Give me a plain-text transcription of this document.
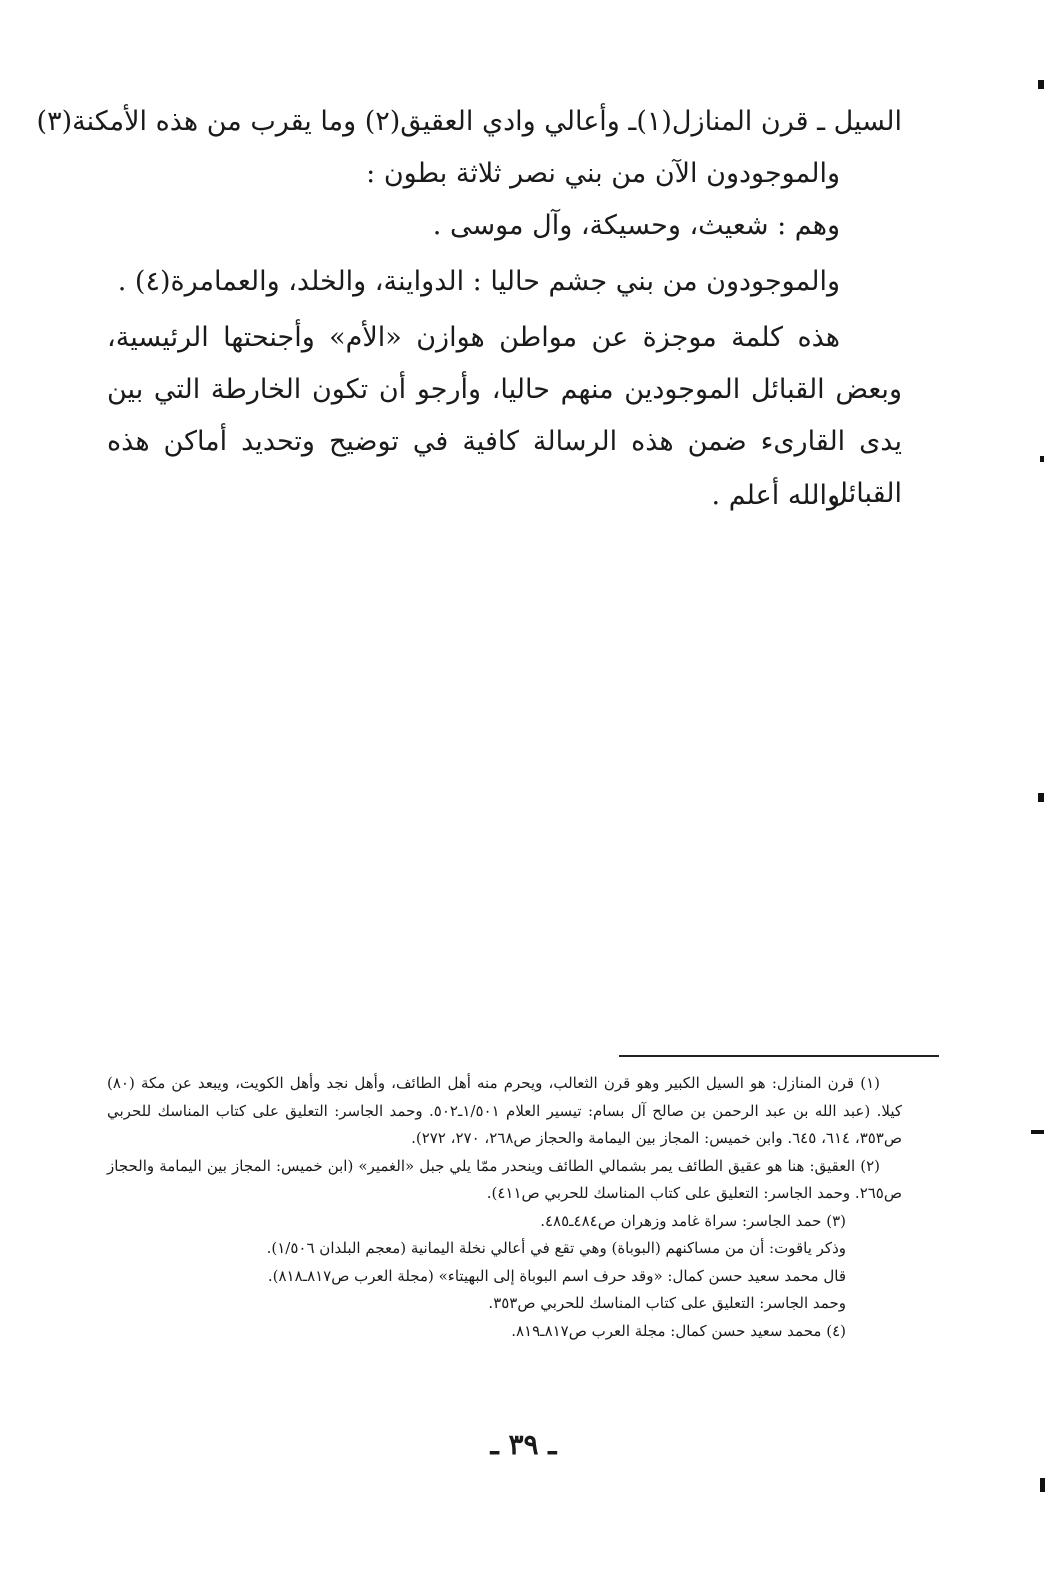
السيل ـ قرن المنازل(١)ـ وأعالي وادي العقيق(٢) وما يقرب من هذه الأمكنة(٣)

والموجودون الآن من بني نصر ثلاثة بطون :

وهم : شعيث، وحسيكة، وآل موسى .

والموجودون من بني جشم حاليا : الدواينة، والخلد، والعمامرة(٤) .

هذه كلمة موجزة عن مواطن هوازن «الأم» وأجنحتها الرئيسية، وبعض القبائل الموجودين منهم حاليا، وأرجو أن تكون الخارطة التي بين يدى القارىء ضمن هذه الرسالة كافية في توضيح وتحديد أماكن هذه القبائل .

والله أعلم .

(١) قرن المنازل: هو السيل الكبير وهو قرن الثعالب، ويحرم منه أهل الطائف، وأهل نجد وأهل الكويت، ويبعد عن مكة (٨٠) كيلا. (عبد الله بن عبد الرحمن بن صالح آل بسام: تيسير العلام ١/٥٠١ـ٥٠٢. وحمد الجاسر: التعليق على كتاب المناسك للحربي ص٣٥٣، ٦١٤، ٦٤٥. وابن خميس: المجاز بين اليمامة والحجاز ص٢٦٨، ٢٧٠، ٢٧٢).

(٢) العقيق: هنا هو عقيق الطائف يمر بشمالي الطائف وينحدر ممّا يلي جبل «الغمير» (ابن خميس: المجاز بين اليمامة والحجاز ص٢٦٥. وحمد الجاسر: التعليق على كتاب المناسك للحربي ص٤١١).

(٣) حمد الجاسر: سراة غامد وزهران ص٤٨٤ـ٤٨٥.

وذكر ياقوت: أن من مساكنهم (البوباة) وهي تقع في أعالي نخلة اليمانية (معجم البلدان ١/٥٠٦).

قال محمد سعيد حسن كمال: «وقد حرف اسم البوباة إلى البهيتاء» (مجلة العرب ص٨١٧ـ٨١٨).

وحمد الجاسر: التعليق على كتاب المناسك للحربي ص٣٥٣.

(٤) محمد سعيد حسن كمال: مجلة العرب ص٨١٧ـ٨١٩.

ـ ٣٩ ـ
